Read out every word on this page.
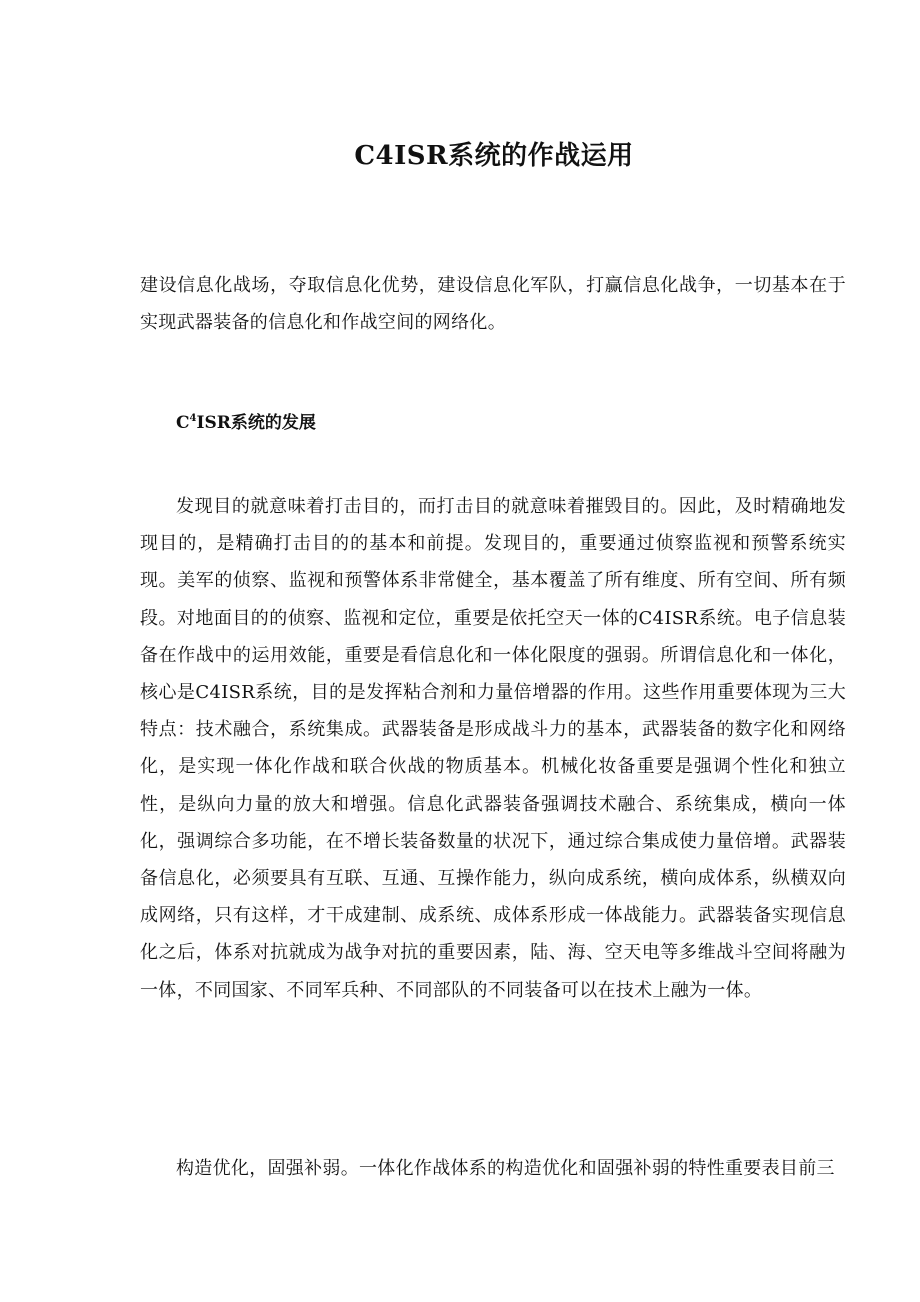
C4ISR系统的作战运用

建设信息化战场，夺取信息化优势，建设信息化军队，打赢信息化战争，一切基本在于实现武器装备的信息化和作战空间的网络化。

$C^4ISR$系统的发展

发现目的就意味着打击目的，而打击目的就意味着摧毁目的。因此，及时精确地发现目的，是精确打击目的的基本和前提。发现目的，重要通过侦察监视和预警系统实现。美军的侦察、监视和预警体系非常健全，基本覆盖了所有维度、所有空间、所有频段。对地面目的的侦察、监视和定位，重要是依托空天一体的C4ISR系统。电子信息装备在作战中的运用效能，重要是看信息化和一体化限度的强弱。所谓信息化和一体化，核心是C4ISR系统，目的是发挥粘合剂和力量倍增器的作用。这些作用重要体现为三大特点：技术融合，系统集成。武器装备是形成战斗力的基本，武器装备的数字化和网络化，是实现一体化作战和联合伙战的物质基本。机械化妆备重要是强调个性化和独立性，是纵向力量的放大和增强。信息化武器装备强调技术融合、系统集成，横向一体化，强调综合多功能，在不增长装备数量的状况下，通过综合集成使力量倍增。武器装备信息化，必须要具有互联、互通、互操作能力，纵向成系统，横向成体系，纵横双向成网络，只有这样，才干成建制、成系统、成体系形成一体战能力。武器装备实现信息化之后，体系对抗就成为战争对抗的重要因素，陆、海、空天电等多维战斗空间将融为一体，不同国家、不同军兵种、不同部队的不同装备可以在技术上融为一体。

构造优化，固强补弱。一体化作战体系的构造优化和固强补弱的特性重要表目前三
